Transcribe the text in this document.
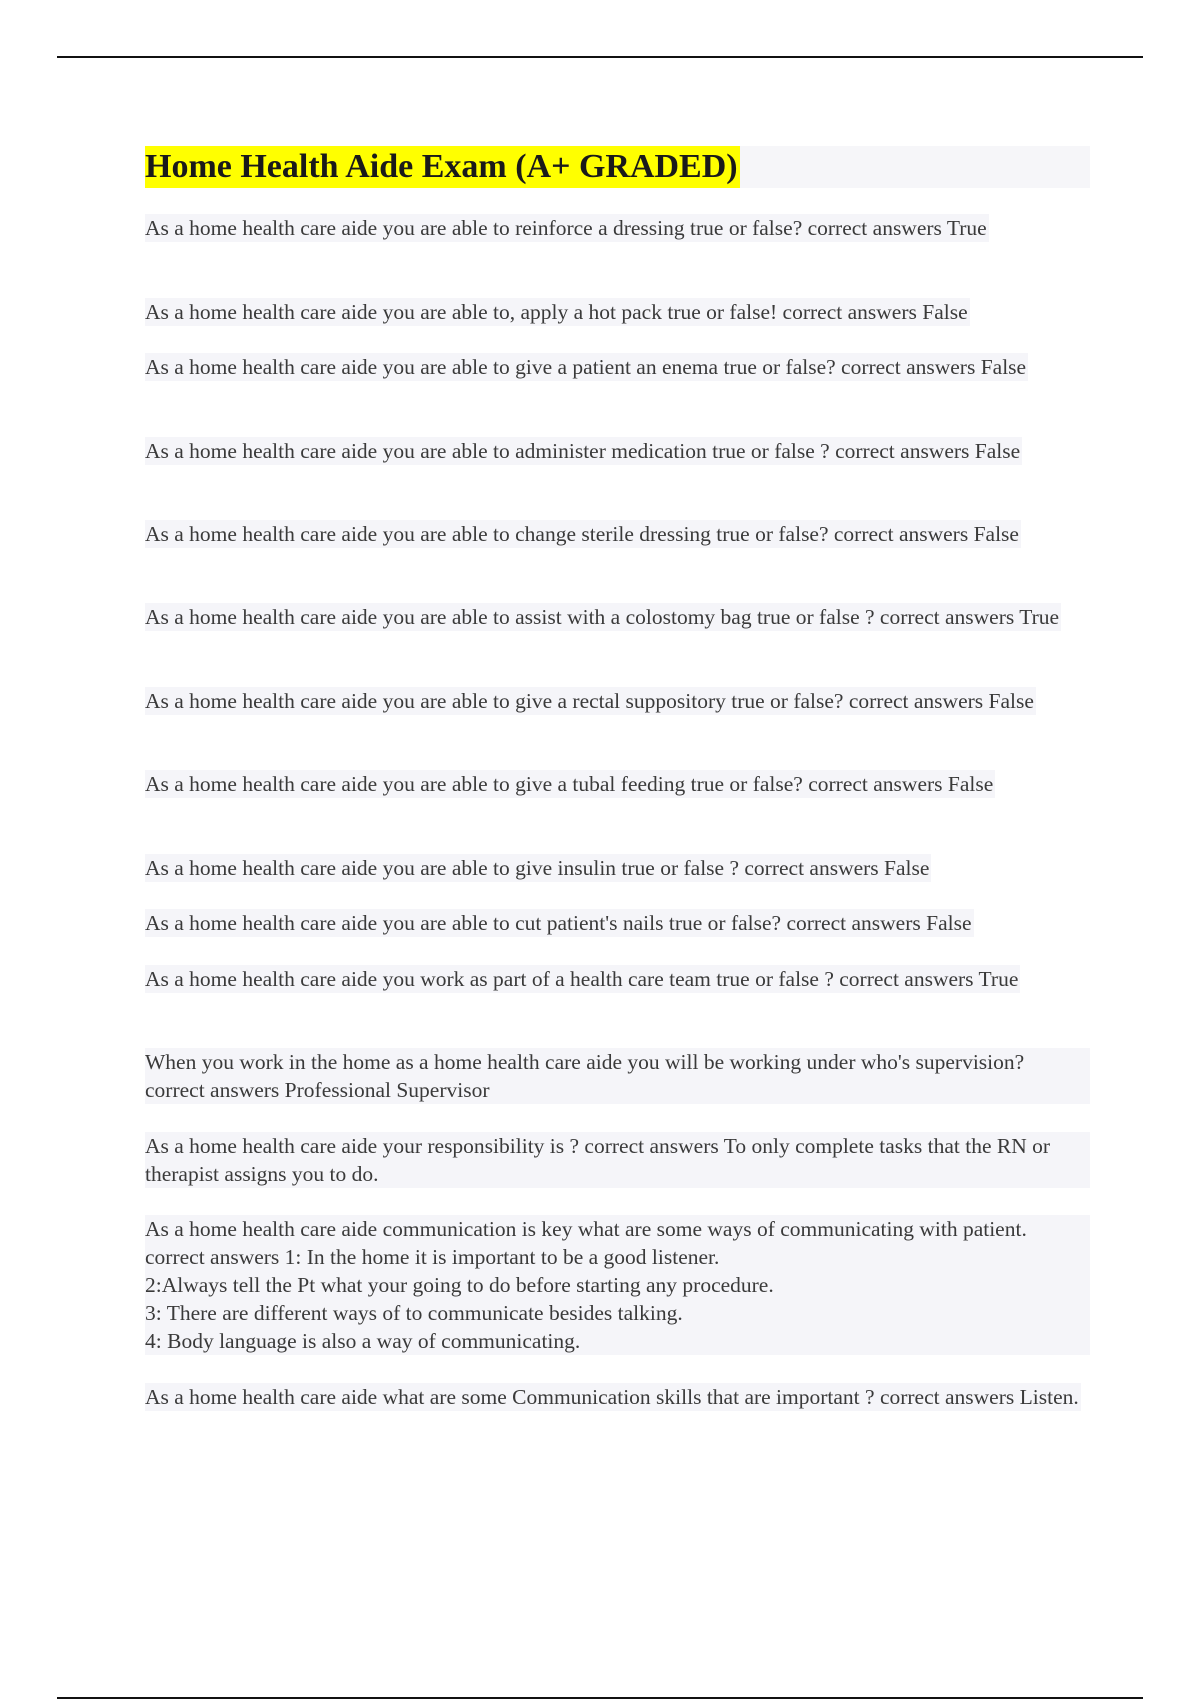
Home Health Aide Exam (A+ GRADED)

As a home health care aide you are able to reinforce a dressing true or false? correct answers True

As a home health care aide you are able to, apply a hot pack true or false! correct answers False

As a home health care aide you are able to give a patient an enema true or false? correct answers False

As a home health care aide you are able to administer medication true or false ? correct answers False

As a home health care aide you are able to change sterile dressing true or false? correct answers False

As a home health care aide you are able to assist with a colostomy bag true or false ? correct answers True

As a home health care aide you are able to give a rectal suppository true or false? correct answers False

As a home health care aide you are able to give a tubal feeding true or false? correct answers False

As a home health care aide you are able to give insulin true or false ? correct answers False

As a home health care aide you are able to cut patient's nails true or false? correct answers False

As a home health care aide you work as part of a health care team true or false ? correct answers True

When you work in the home as a home health care aide you will be working under who's supervision? correct answers Professional Supervisor

As a home health care aide your responsibility is ? correct answers To only complete tasks that the RN or therapist assigns you to do.

As a home health care aide communication is key what are some ways of communicating with patient. correct answers 1: In the home it is important to be a good listener.
2:Always tell the Pt what your going to do before starting any procedure.
3: There are different ways of to communicate besides talking.
4: Body language is also a way of communicating.

As a home health care aide what are some Communication skills that are important ? correct answers Listen.
